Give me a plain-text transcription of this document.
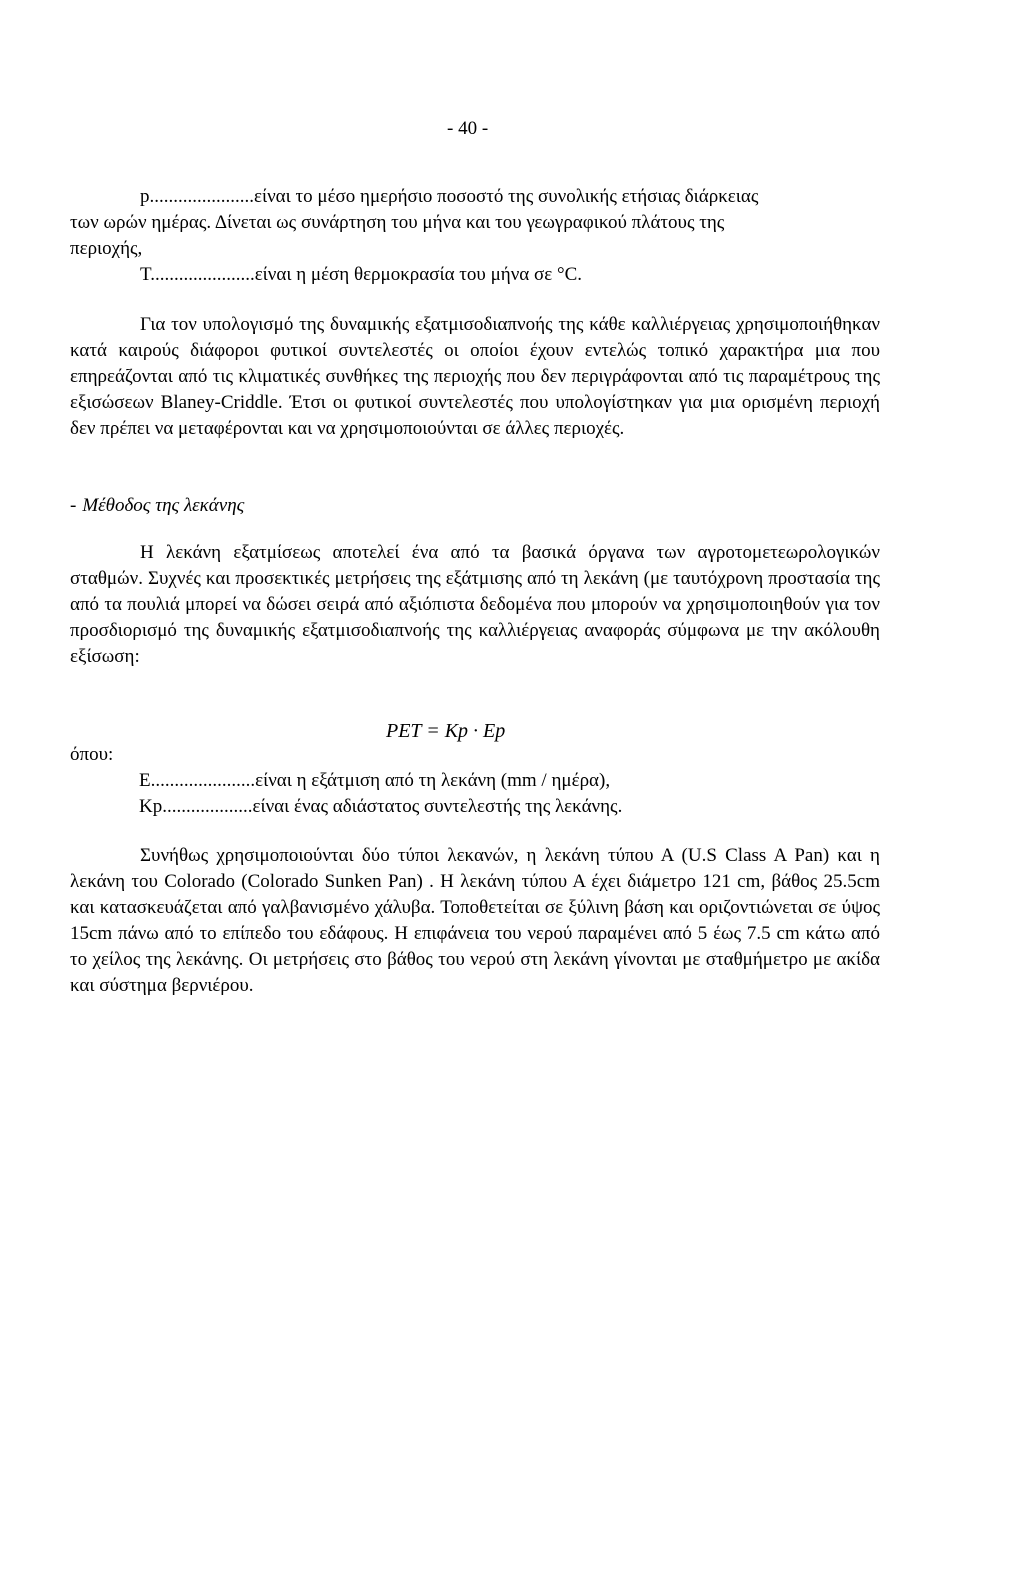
- 40 -
p......................είναι το μέσο ημερήσιο ποσοστό της συνολικής ετήσιας διάρκειας
των ωρών ημέρας. Δίνεται ως συνάρτηση του μήνα και του γεωγραφικού πλάτους της
περιοχής,
T......................είναι η μέση θερμοκρασία του μήνα σε °C.

Για τον υπολογισμό της δυναμικής εξατμισοδιαπνοής της κάθε καλλιέργειας χρησιμοποιήθηκαν κατά καιρούς διάφοροι φυτικοί συντελεστές οι οποίοι έχουν εντελώς τοπικό χαρακτήρα μια που επηρεάζονται από τις κλιματικές συνθήκες της περιοχής που δεν περιγράφονται από τις παραμέτρους της εξισώσεων Blaney-Criddle. Έτσι οι φυτικοί συντελεστές που υπολογίστηκαν για μια ορισμένη περιοχή δεν πρέπει να μεταφέρονται και να χρησιμοποιούνται σε άλλες περιοχές.

- Μέθοδος της λεκάνης

Η λεκάνη εξατμίσεως αποτελεί ένα από τα βασικά όργανα των αγροτομετεωρολογικών σταθμών. Συχνές και προσεκτικές μετρήσεις της εξάτμισης από τη λεκάνη (με ταυτόχρονη προστασία της από τα πουλιά μπορεί να δώσει σειρά από αξιόπιστα δεδομένα που μπορούν να χρησιμοποιηθούν για τον προσδιορισμό της δυναμικής εξατμισοδιαπνοής της καλλιέργειας αναφοράς σύμφωνα με την ακόλουθη εξίσωση:

PET = Kp · Ep
όπου:
E......................είναι η εξάτμιση από τη λεκάνη (mm / ημέρα),
Kp...................είναι ένας αδιάστατος συντελεστής της λεκάνης.

Συνήθως χρησιμοποιούνται δύο τύποι λεκανών, η λεκάνη τύπου Α (U.S Class A Pan) και η λεκάνη του Colorado (Colorado Sunken Pan) . Η λεκάνη τύπου Α έχει διάμετρο 121 cm, βάθος 25.5cm και κατασκευάζεται από γαλβανισμένο χάλυβα. Τοποθετείται σε ξύλινη βάση και οριζοντιώνεται σε ύψος 15cm πάνω από το επίπεδο του εδάφους. Η επιφάνεια του νερού παραμένει από 5 έως 7.5 cm κάτω από το χείλος της λεκάνης. Οι μετρήσεις στο βάθος του νερού στη λεκάνη γίνονται με σταθμήμετρο με ακίδα και σύστημα βερνιέρου.
